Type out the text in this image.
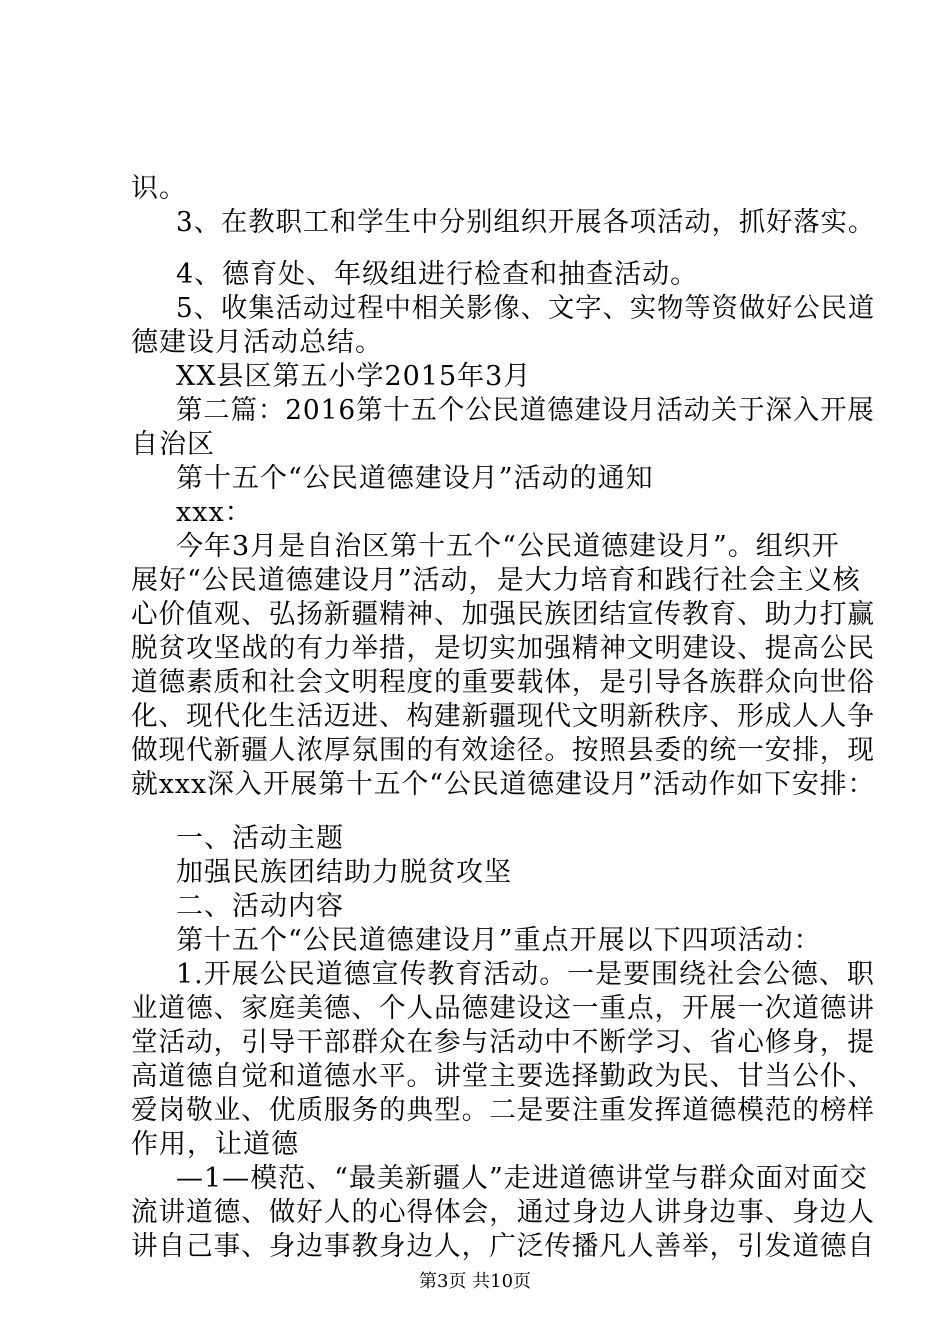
识。
3、在教职工和学生中分别组织开展各项活动，抓好落实。
4、德育处、年级组进行检查和抽查活动。
5、收集活动过程中相关影像、文字、实物等资做好公民道
德建设月活动总结。
XX县区第五小学2015年3月
第二篇：2016第十五个公民道德建设月活动关于深入开展
自治区
第十五个“公民道德建设月”活动的通知
xxx：
今年3月是自治区第十五个“公民道德建设月”。组织开
展好“公民道德建设月”活动，是大力培育和践行社会主义核
心价值观、弘扬新疆精神、加强民族团结宣传教育、助力打赢
脱贫攻坚战的有力举措，是切实加强精神文明建设、提高公民
道德素质和社会文明程度的重要载体，是引导各族群众向世俗
化、现代化生活迈进、构建新疆现代文明新秩序、形成人人争
做现代新疆人浓厚氛围的有效途径。按照县委的统一安排，现
就xxx深入开展第十五个“公民道德建设月”活动作如下安排：
一、活动主题
加强民族团结助力脱贫攻坚
二、活动内容
第十五个“公民道德建设月”重点开展以下四项活动：
1.开展公民道德宣传教育活动。一是要围绕社会公德、职
业道德、家庭美德、个人品德建设这一重点，开展一次道德讲
堂活动，引导干部群众在参与活动中不断学习、省心修身，提
高道德自觉和道德水平。讲堂主要选择勤政为民、甘当公仆、
爱岗敬业、优质服务的典型。二是要注重发挥道德模范的榜样
作用，让道德
—1—模范、“最美新疆人”走进道德讲堂与群众面对面交
流讲道德、做好人的心得体会，通过身边人讲身边事、身边人
讲自己事、身边事教身边人，广泛传播凡人善举，引发道德自
第3页 共10页
